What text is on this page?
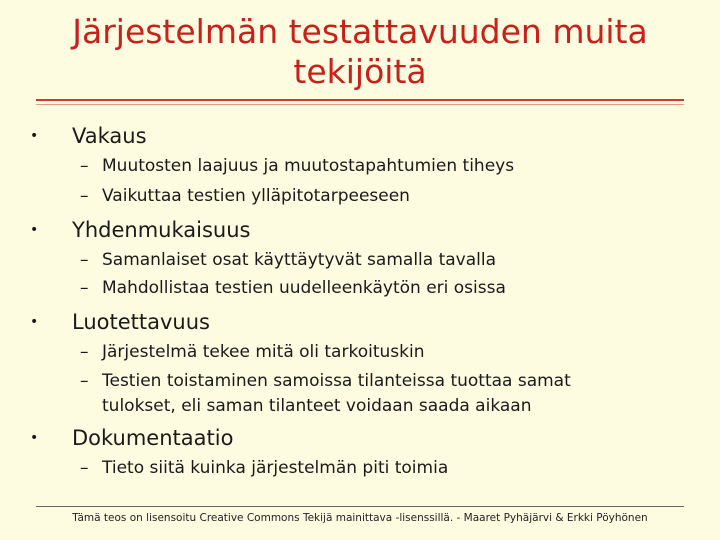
Järjestelmän testattavuuden muita
tekijöitä
• Vakaus
– Muutosten laajuus ja muutostapahtumien tiheys
– Vaikuttaa testien ylläpitotarpeeseen
• Yhdenmukaisuus
– Samanlaiset osat käyttäytyvät samalla tavalla
– Mahdollistaa testien uudelleenkäytön eri osissa
• Luotettavuus
– Järjestelmä tekee mitä oli tarkoituskin
– Testien toistaminen samoissa tilanteissa tuottaa samat
tulokset, eli saman tilanteet voidaan saada aikaan
• Dokumentaatio
– Tieto siitä kuinka järjestelmän piti toimia
Tämä teos on lisensoitu Creative Commons Tekijä mainittava -lisenssillä. - Maaret Pyhäjärvi & Erkki Pöyhönen
